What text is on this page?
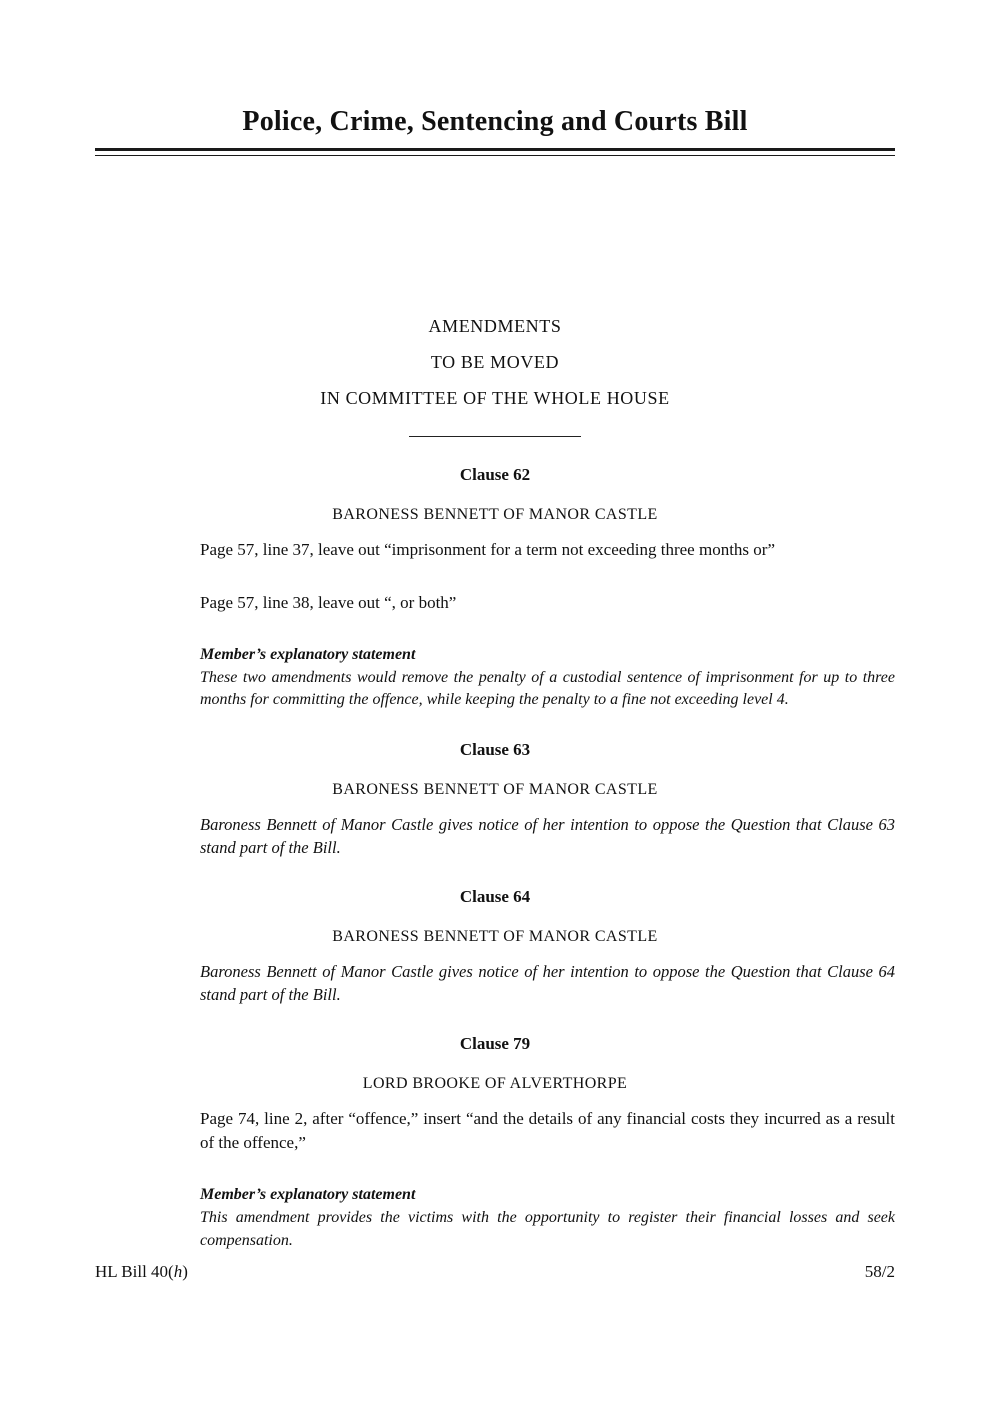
Police, Crime, Sentencing and Courts Bill
AMENDMENTS
TO BE MOVED
IN COMMITTEE OF THE WHOLE HOUSE
Clause 62
BARONESS BENNETT OF MANOR CASTLE

Page 57, line 37, leave out “imprisonment for a term not exceeding three months or”

Page 57, line 38, leave out “, or both”

Member’s explanatory statement

These two amendments would remove the penalty of a custodial sentence of imprisonment for up to three months for committing the offence, while keeping the penalty to a fine not exceeding level 4.

Clause 63
BARONESS BENNETT OF MANOR CASTLE

Baroness Bennett of Manor Castle gives notice of her intention to oppose the Question that Clause 63 stand part of the Bill.

Clause 64
BARONESS BENNETT OF MANOR CASTLE

Baroness Bennett of Manor Castle gives notice of her intention to oppose the Question that Clause 64 stand part of the Bill.

Clause 79
LORD BROOKE OF ALVERTHORPE

Page 74, line 2, after “offence,” insert “and the details of any financial costs they incurred as a result of the offence,”

Member’s explanatory statement

This amendment provides the victims with the opportunity to register their financial losses and seek compensation.

HL Bill 40(h)	58/2
